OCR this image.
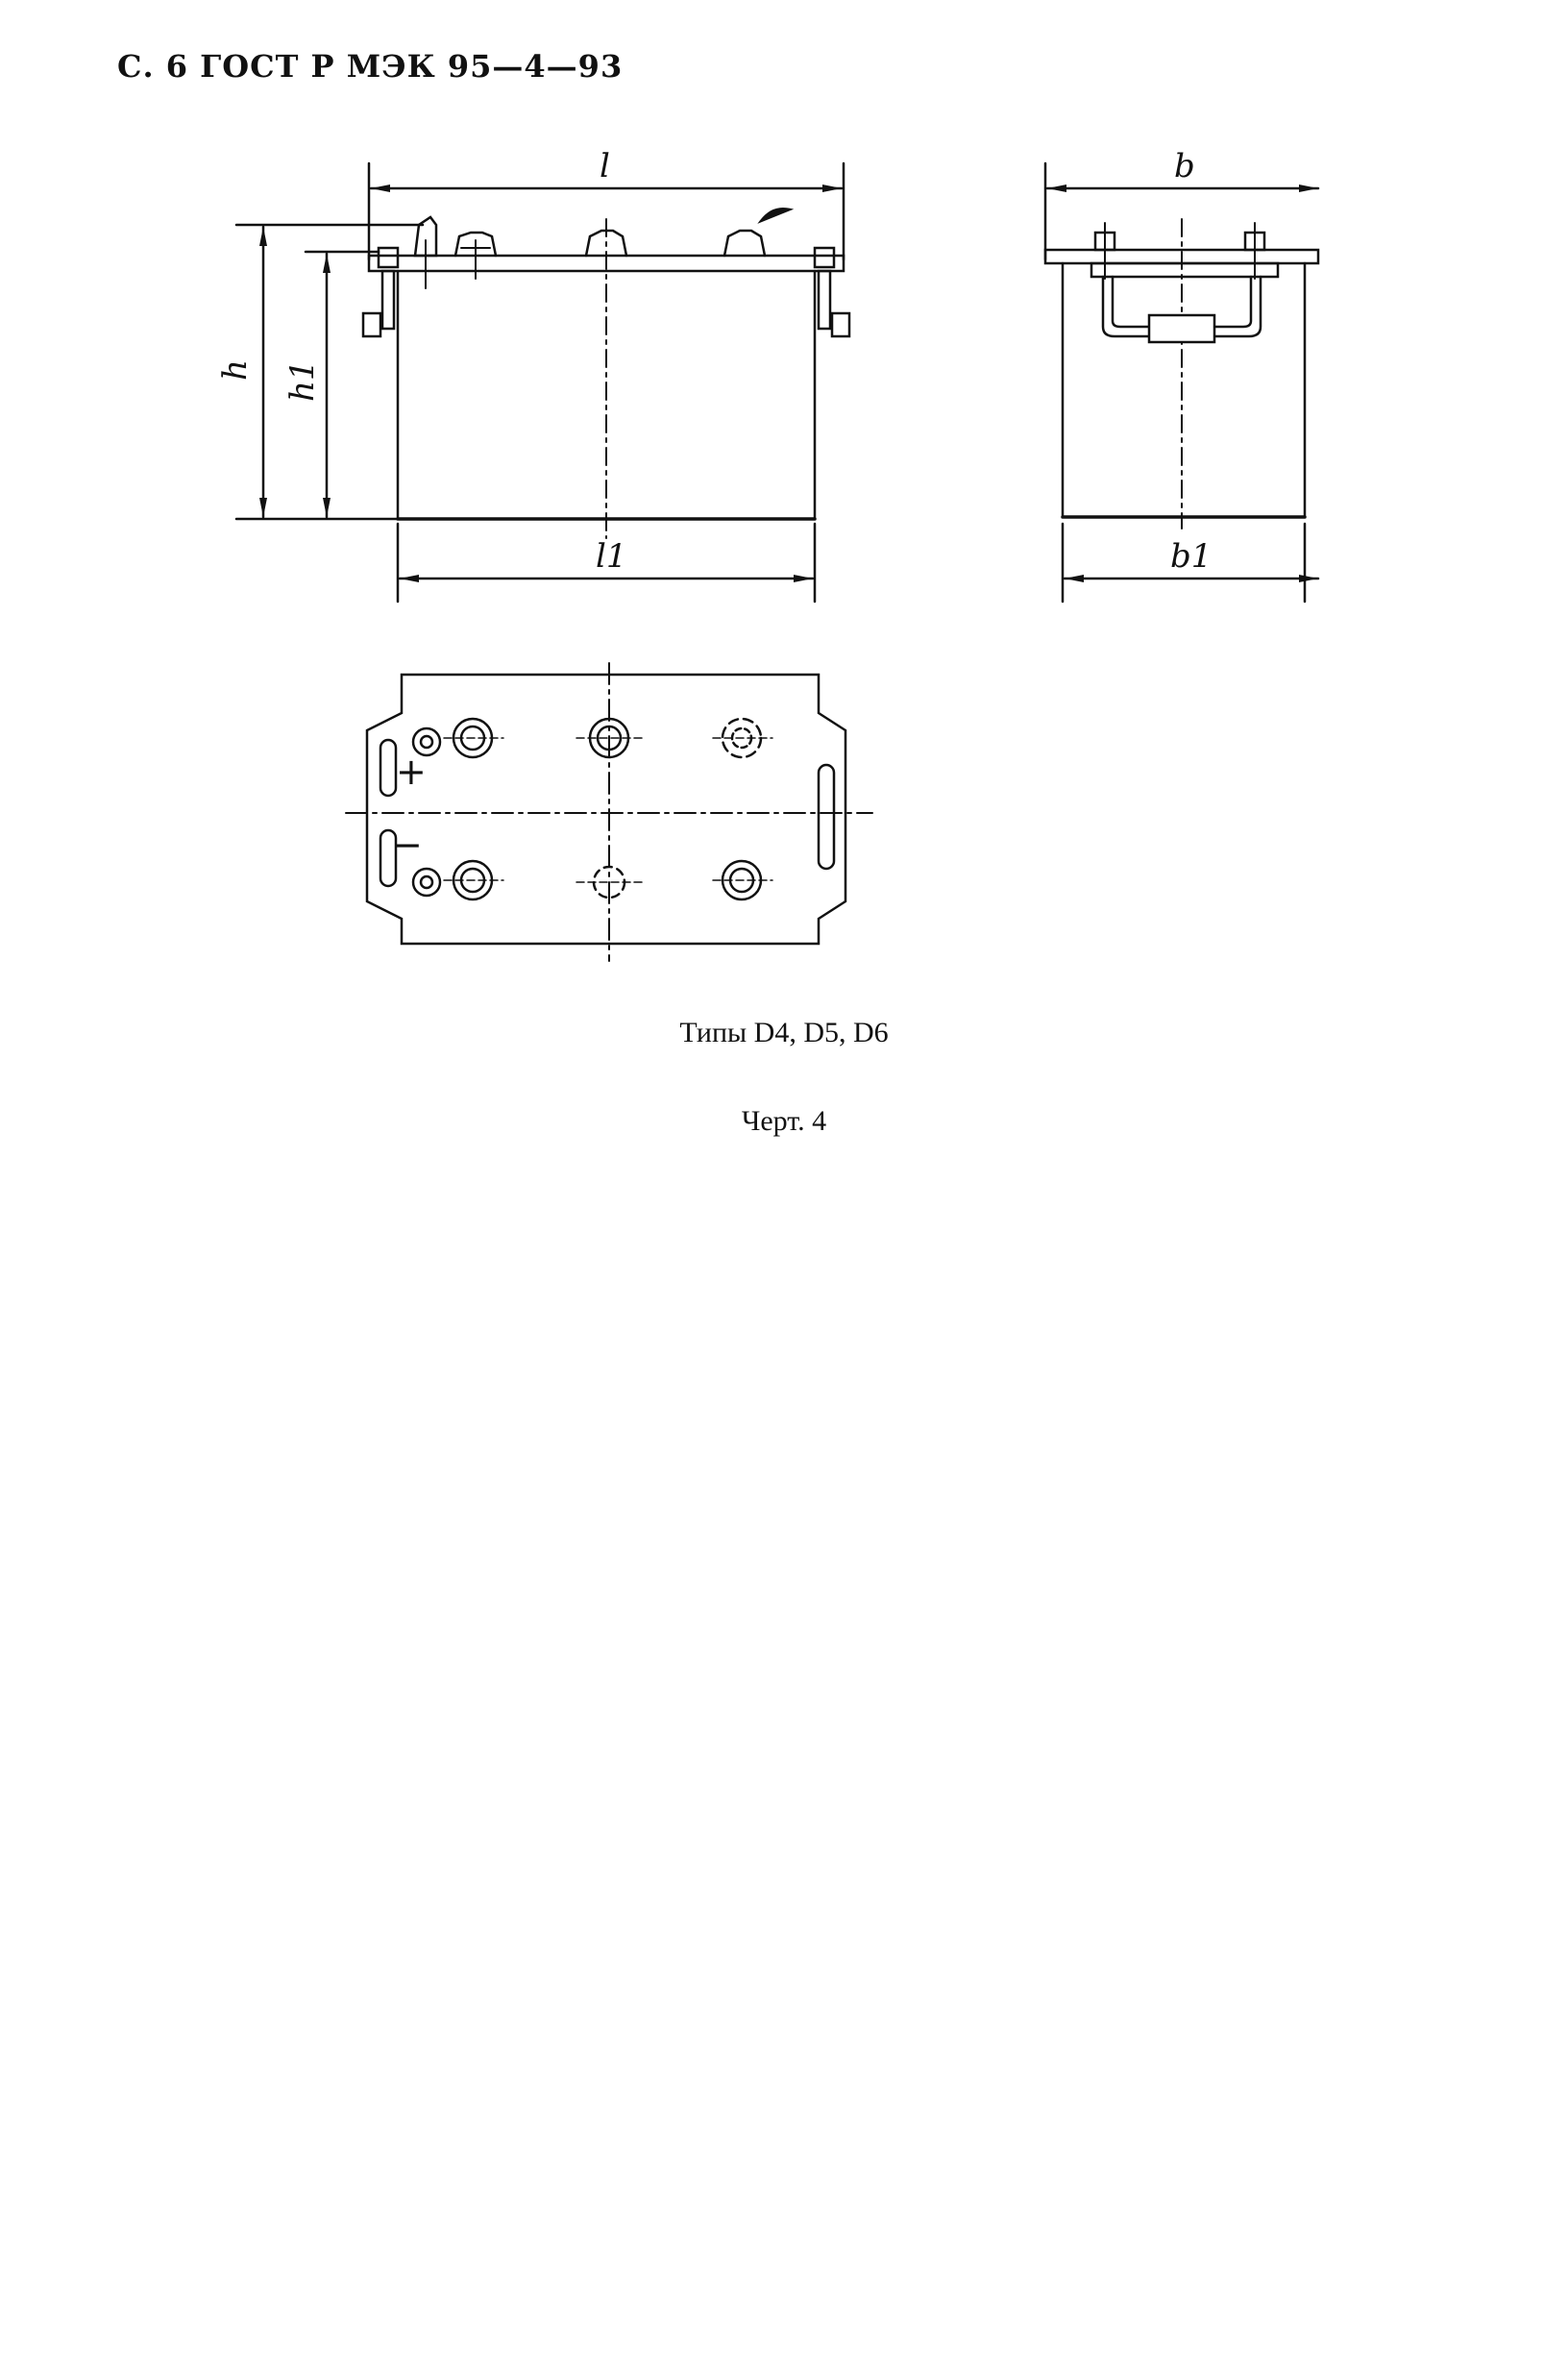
С. 6 ГОСТ Р МЭК 95—4—93
l
h h1
l1
b
b1
+
−
Типы D4, D5, D6
Черт. 4
